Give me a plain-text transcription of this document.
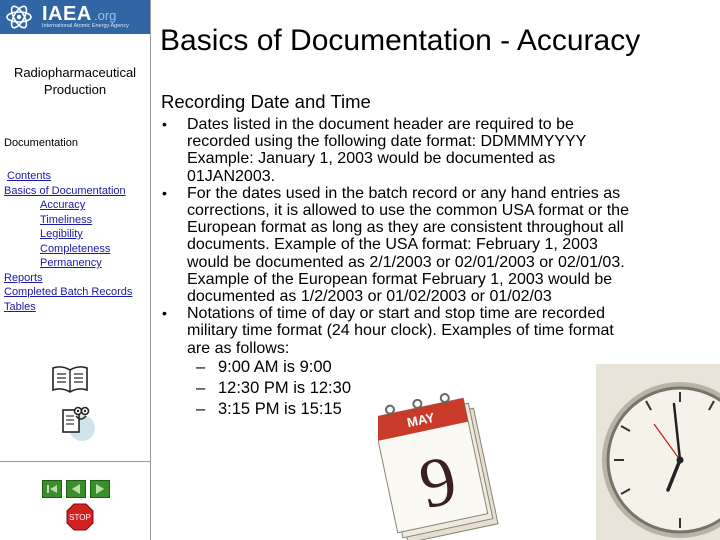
IAEA .org
International Atomic Energy Agency
Radiopharmaceutical
Production
Documentation
Contents
Basics of Documentation
Accuracy
Timeliness
Legibility
Completeness
Permanency
Reports
Completed Batch Records
Tables
STOP
Basics of Documentation - Accuracy
Recording Date and Time
• Dates listed in the document header are required to be
recorded using the following date format: DDMMMYYYY
Example: January 1, 2003 would be documented as
01JAN2003.
• For the dates used in the batch record or any hand entries as
corrections, it is allowed to use the common USA format or the
European format as long as they are consistent throughout all
documents. Example of the USA format: February 1, 2003
would be documented as 2/1/2003 or 02/01/2003 or 02/01/03.
Example of the European format February 1, 2003 would be
documented as 1/2/2003 or 01/02/2003 or 01/02/03
• Notations of time of day or start and stop time are recorded
military time format (24 hour clock). Examples of time format
are as follows:
– 9:00 AM is 9:00
– 12:30 PM is 12:30
– 3:15 PM is 15:15
MAY
9
